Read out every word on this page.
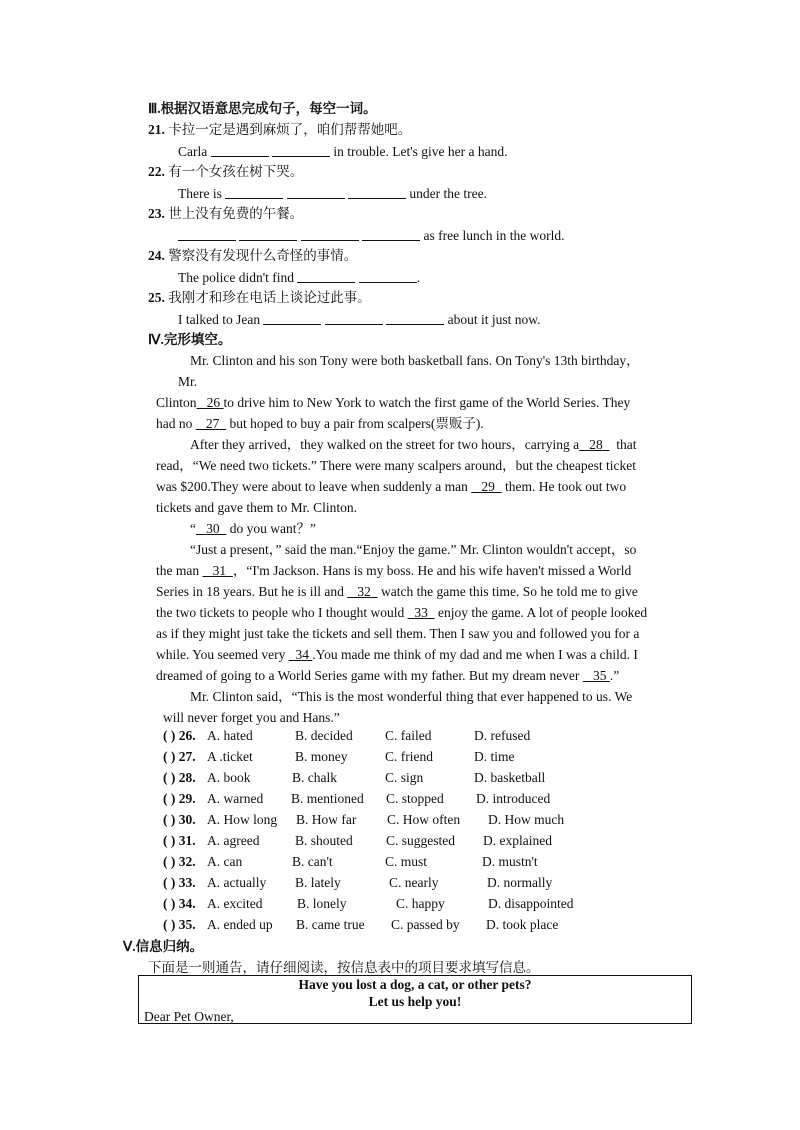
Ⅲ.根据汉语意思完成句子，每空一词。
21. 卡拉一定是遇到麻烦了，咱们帮帮她吧。
Carla	in trouble. Let's give her a hand.
22. 有一个女孩在树下哭。
There is	under the tree.
23. 世上没有免费的午餐。
as free lunch in the world.
24. 警察没有发现什么奇怪的事情。
The police didn't find	.
25. 我刚才和珍在电话上谈论过此事。
I talked to Jean	about it just now.
Ⅳ.完形填空。
Mr. Clinton and his son Tony were both basketball fans. On Tony's 13th birthday，
Mr.
Clinton 26 to drive him to New York to watch the first game of the World Series. They
had no 27 but hoped to buy a pair from scalpers(票贩子).
After they arrived，they walked on the street for two hours，carrying a 28 that
read，“We need two tickets.” There were many scalpers around，but the cheapest ticket
was $200.They were about to leave when suddenly a man 29 them. He took out two
tickets and gave them to Mr. Clinton.
“ 30 do you want？”
“Just a present，” said the man.“Enjoy the game.” Mr. Clinton wouldn't accept，so
the man 31 ，“I'm Jackson. Hans is my boss. He and his wife haven't missed a World
Series in 18 years. But he is ill and 32 watch the game this time. So he told me to give
the two tickets to people who I thought would 33 enjoy the game. A lot of people looked
as if they might just take the tickets and sell them. Then I saw you and followed you for a
while. You seemed very 34 .You made me think of my dad and me when I was a child. I
dreamed of going to a World Series game with my father. But my dream never 35 .”
Mr. Clinton said，“This is the most wonderful thing that ever happened to us. We
will never forget you and Hans.”
( ) 26. A. hated	B. decided C. failed	D. refused
( ) 27. A .ticket	B. money	C. friend	D. time
( ) 28. A. book	B. chalk	C. sign	D. basketball
( ) 29. A. warned B. mentioned C. stopped D. introduced
( ) 30. A. How long B. How far C. How often D. How much
( ) 31. A. agreed	B. shouted C. suggested D. explained
( ) 32. A. can	B. can't	C. must	D. mustn't
( ) 33. A. actually B. lately	C. nearly	D. normally
( ) 34. A. excited	B. lonely	C. happy	D. disappointed
( ) 35. A. ended up B. came true C. passed by D. took place
Ⅴ.信息归纳。
下面是一则通告，请仔细阅读，按信息表中的项目要求填写信息。
Have you lost a dog, a cat, or other pets?
Let us help you!
Dear Pet Owner,
